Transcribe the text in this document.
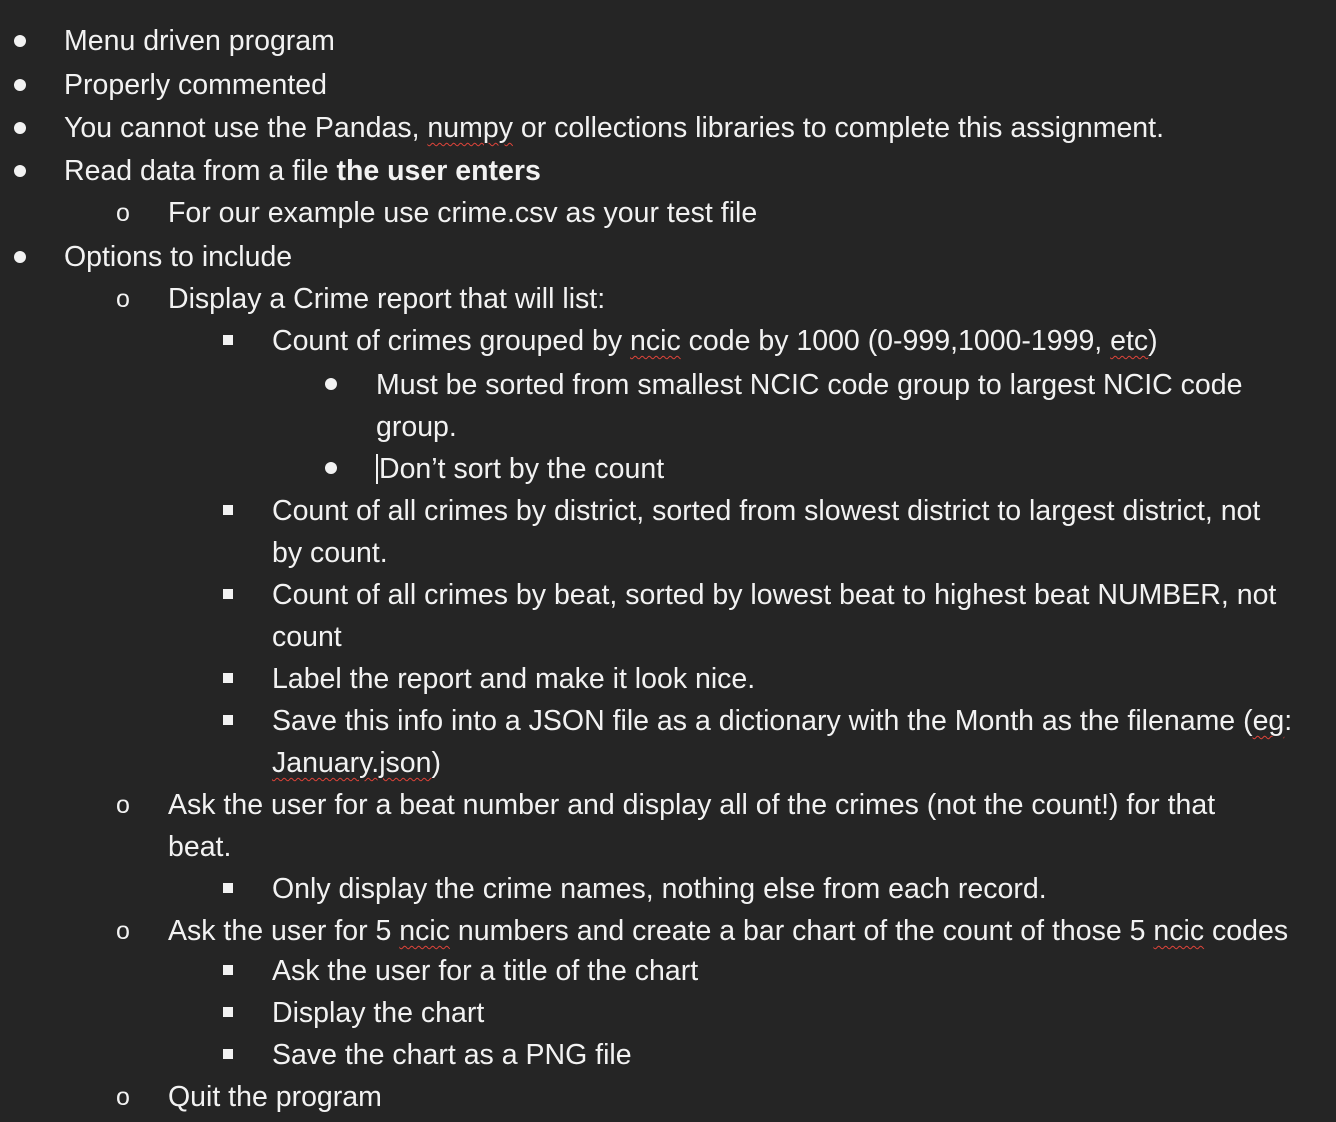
Menu driven program
Properly commented
You cannot use the Pandas, numpy or collections libraries to complete this assignment.
Read data from a file the user enters
o For our example use crime.csv as your test file
Options to include
o Display a Crime report that will list:
Count of crimes grouped by ncic code by 1000 (0-999,1000-1999, etc)
Must be sorted from smallest NCIC code group to largest NCIC code
group.
Don’t sort by the count
Count of all crimes by district, sorted from slowest district to largest district, not
by count.
Count of all crimes by beat, sorted by lowest beat to highest beat NUMBER, not
count
Label the report and make it look nice.
Save this info into a JSON file as a dictionary with the Month as the filename (eg:
January.json)
o Ask the user for a beat number and display all of the crimes (not the count!) for that
beat.
Only display the crime names, nothing else from each record.
o Ask the user for 5 ncic numbers and create a bar chart of the count of those 5 ncic codes
Ask the user for a title of the chart
Display the chart
Save the chart as a PNG file
o Quit the program
